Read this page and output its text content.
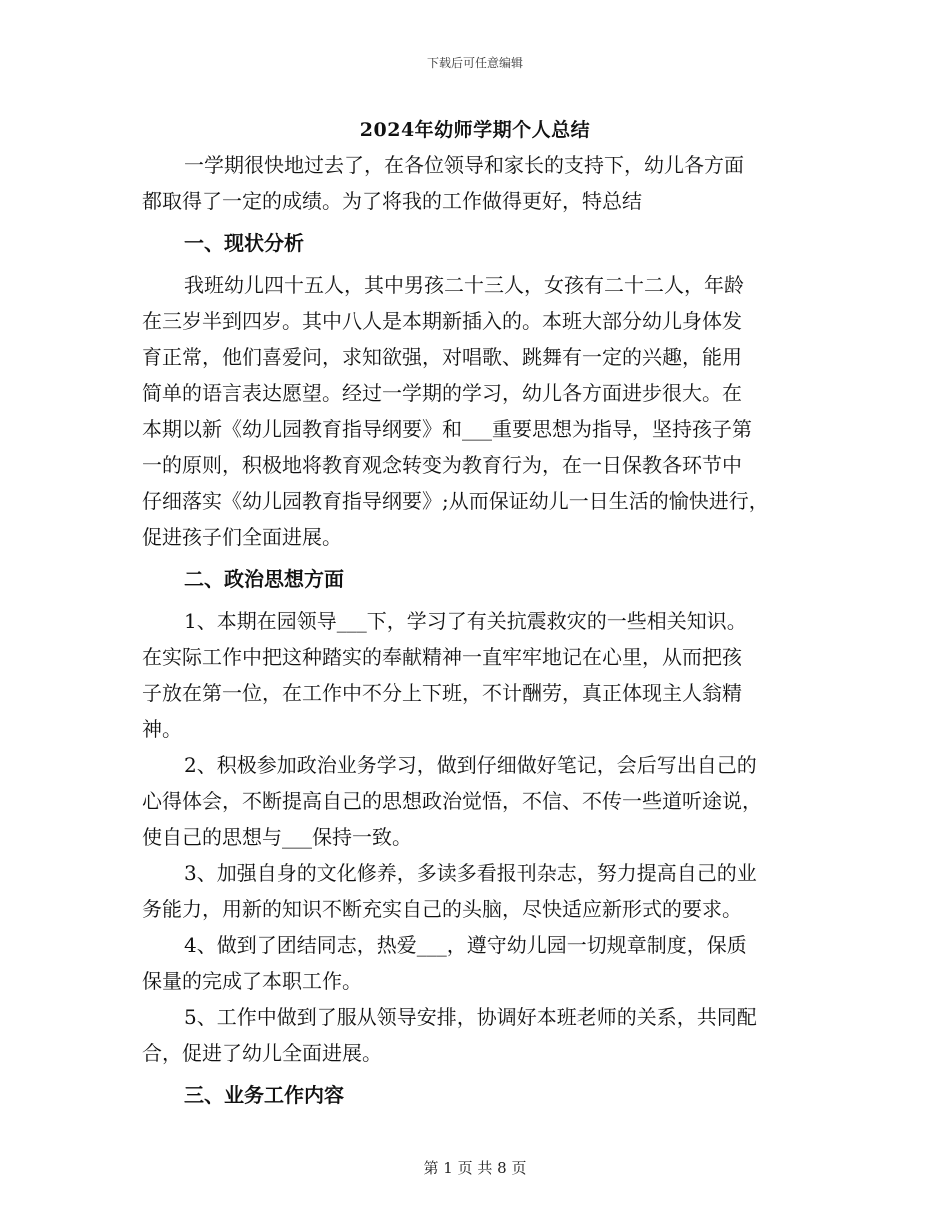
下载后可任意编辑
2024年幼师学期个人总结
一学期很快地过去了，在各位领导和家长的支持下，幼儿各方面
都取得了一定的成绩。为了将我的工作做得更好，特总结
一、现状分析
我班幼儿四十五人，其中男孩二十三人，女孩有二十二人，年龄
在三岁半到四岁。其中八人是本期新插入的。本班大部分幼儿身体发
育正常，他们喜爱问，求知欲强，对唱歌、跳舞有一定的兴趣，能用
简单的语言表达愿望。经过一学期的学习，幼儿各方面进步很大。在
本期以新《幼儿园教育指导纲要》和___重要思想为指导，坚持孩子第
一的原则，积极地将教育观念转变为教育行为，在一日保教各环节中
仔细落实《幼儿园教育指导纲要》;从而保证幼儿一日生活的愉快进行，
促进孩子们全面进展。
二、政治思想方面
1、本期在园领导___下，学习了有关抗震救灾的一些相关知识。
在实际工作中把这种踏实的奉献精神一直牢牢地记在心里，从而把孩
子放在第一位，在工作中不分上下班，不计酬劳，真正体现主人翁精
神。
2、积极参加政治业务学习，做到仔细做好笔记，会后写出自己的
心得体会，不断提高自己的思想政治觉悟，不信、不传一些道听途说，
使自己的思想与___保持一致。
3、加强自身的文化修养，多读多看报刊杂志，努力提高自己的业
务能力，用新的知识不断充实自己的头脑，尽快适应新形式的要求。
4、做到了团结同志，热爱___，遵守幼儿园一切规章制度，保质
保量的完成了本职工作。
5、工作中做到了服从领导安排，协调好本班老师的关系，共同配
合，促进了幼儿全面进展。
三、业务工作内容
第 1 页 共 8 页
